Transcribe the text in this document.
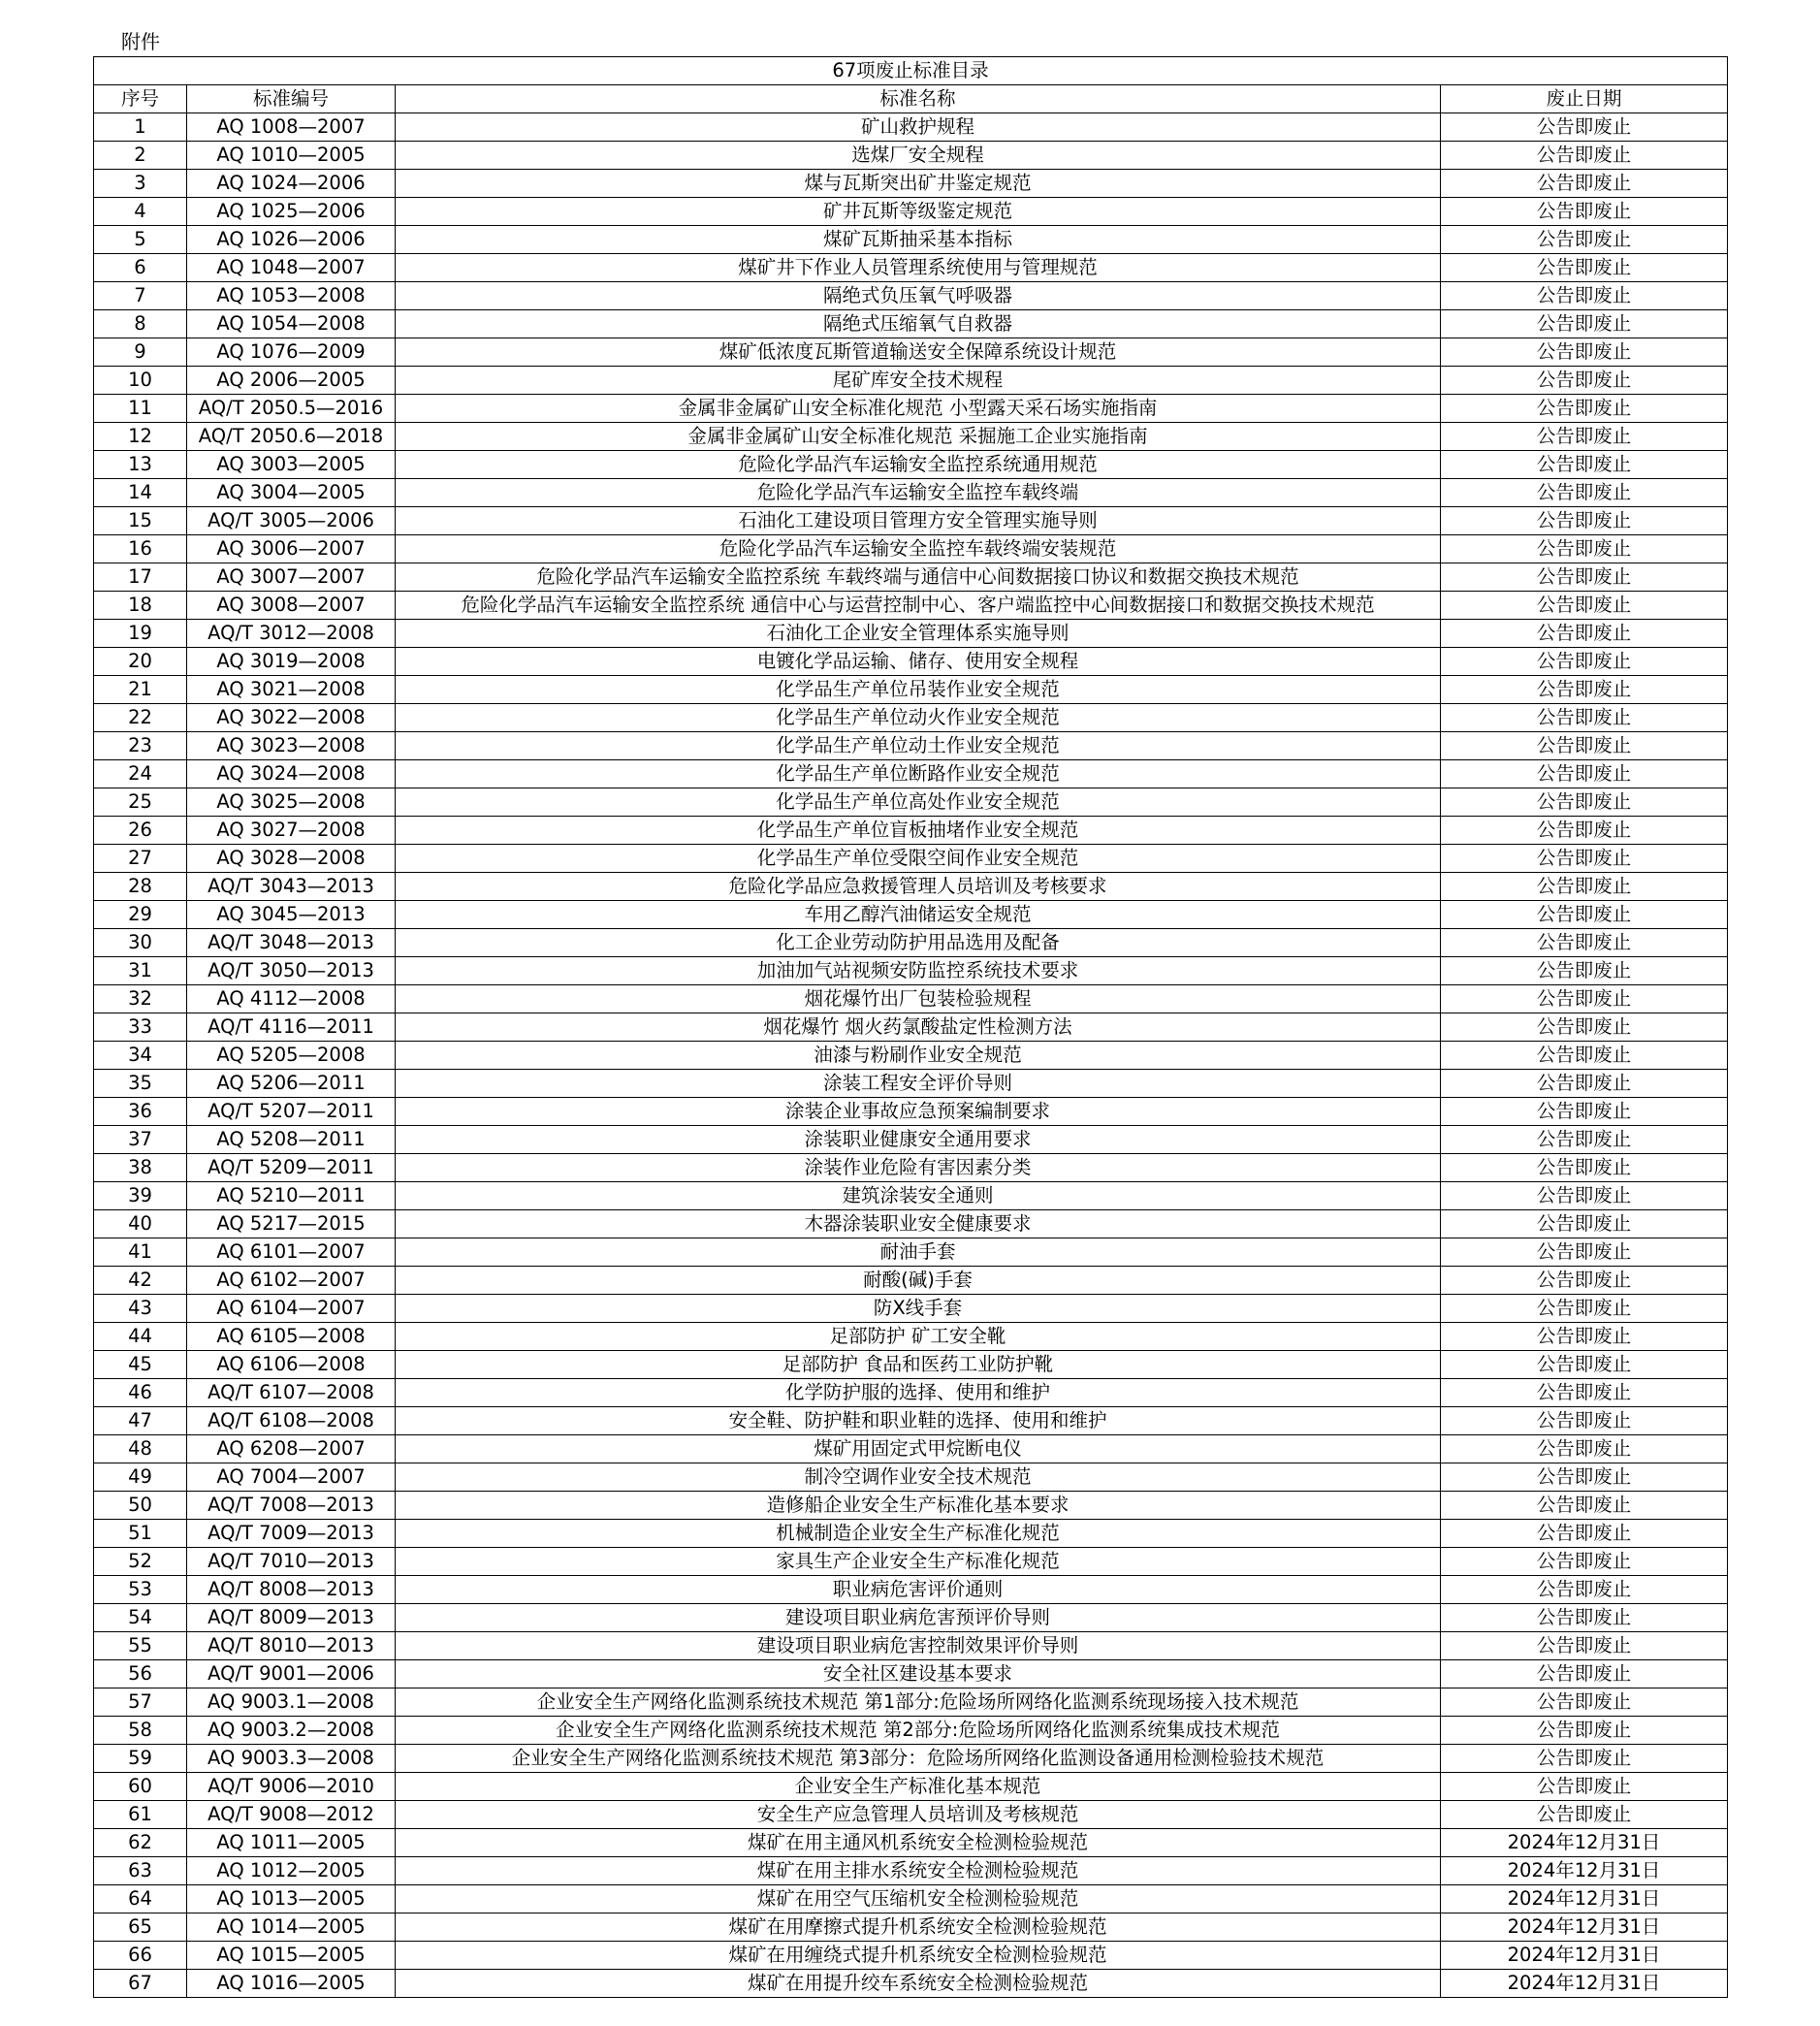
附件
67项废止标准目录			
序号	标准编号	标准名称	废止日期
1	AQ 1008—2007	矿山救护规程	公告即废止
2	AQ 1010—2005	选煤厂安全规程	公告即废止
3	AQ 1024—2006	煤与瓦斯突出矿井鉴定规范	公告即废止
4	AQ 1025—2006	矿井瓦斯等级鉴定规范	公告即废止
5	AQ 1026—2006	煤矿瓦斯抽采基本指标	公告即废止
6	AQ 1048—2007	煤矿井下作业人员管理系统使用与管理规范	公告即废止
7	AQ 1053—2008	隔绝式负压氧气呼吸器	公告即废止
8	AQ 1054—2008	隔绝式压缩氧气自救器	公告即废止
9	AQ 1076—2009	煤矿低浓度瓦斯管道输送安全保障系统设计规范	公告即废止
10	AQ 2006—2005	尾矿库安全技术规程	公告即废止
11	AQ/T 2050.5—2016	金属非金属矿山安全标准化规范 小型露天采石场实施指南	公告即废止
12	AQ/T 2050.6—2018	金属非金属矿山安全标准化规范 采掘施工企业实施指南	公告即废止
13	AQ 3003—2005	危险化学品汽车运输安全监控系统通用规范	公告即废止
14	AQ 3004—2005	危险化学品汽车运输安全监控车载终端	公告即废止
15	AQ/T 3005—2006	石油化工建设项目管理方安全管理实施导则	公告即废止
16	AQ 3006—2007	危险化学品汽车运输安全监控车载终端安装规范	公告即废止
17	AQ 3007—2007	危险化学品汽车运输安全监控系统 车载终端与通信中心间数据接口协议和数据交换技术规范	公告即废止
18	AQ 3008—2007	危险化学品汽车运输安全监控系统 通信中心与运营控制中心、客户端监控中心间数据接口和数据交换技术规范	公告即废止
19	AQ/T 3012—2008	石油化工企业安全管理体系实施导则	公告即废止
20	AQ 3019—2008	电镀化学品运输、储存、使用安全规程	公告即废止
21	AQ 3021—2008	化学品生产单位吊装作业安全规范	公告即废止
22	AQ 3022—2008	化学品生产单位动火作业安全规范	公告即废止
23	AQ 3023—2008	化学品生产单位动土作业安全规范	公告即废止
24	AQ 3024—2008	化学品生产单位断路作业安全规范	公告即废止
25	AQ 3025—2008	化学品生产单位高处作业安全规范	公告即废止
26	AQ 3027—2008	化学品生产单位盲板抽堵作业安全规范	公告即废止
27	AQ 3028—2008	化学品生产单位受限空间作业安全规范	公告即废止
28	AQ/T 3043—2013	危险化学品应急救援管理人员培训及考核要求	公告即废止
29	AQ 3045—2013	车用乙醇汽油储运安全规范	公告即废止
30	AQ/T 3048—2013	化工企业劳动防护用品选用及配备	公告即废止
31	AQ/T 3050—2013	加油加气站视频安防监控系统技术要求	公告即废止
32	AQ 4112—2008	烟花爆竹出厂包装检验规程	公告即废止
33	AQ/T 4116—2011	烟花爆竹 烟火药氯酸盐定性检测方法	公告即废止
34	AQ 5205—2008	油漆与粉刷作业安全规范	公告即废止
35	AQ 5206—2011	涂装工程安全评价导则	公告即废止
36	AQ/T 5207—2011	涂装企业事故应急预案编制要求	公告即废止
37	AQ 5208—2011	涂装职业健康安全通用要求	公告即废止
38	AQ/T 5209—2011	涂装作业危险有害因素分类	公告即废止
39	AQ 5210—2011	建筑涂装安全通则	公告即废止
40	AQ 5217—2015	木器涂装职业安全健康要求	公告即废止
41	AQ 6101—2007	耐油手套	公告即废止
42	AQ 6102—2007	耐酸(碱)手套	公告即废止
43	AQ 6104—2007	防X线手套	公告即废止
44	AQ 6105—2008	足部防护 矿工安全靴	公告即废止
45	AQ 6106—2008	足部防护 食品和医药工业防护靴	公告即废止
46	AQ/T 6107—2008	化学防护服的选择、使用和维护	公告即废止
47	AQ/T 6108—2008	安全鞋、防护鞋和职业鞋的选择、使用和维护	公告即废止
48	AQ 6208—2007	煤矿用固定式甲烷断电仪	公告即废止
49	AQ 7004—2007	制冷空调作业安全技术规范	公告即废止
50	AQ/T 7008—2013	造修船企业安全生产标准化基本要求	公告即废止
51	AQ/T 7009—2013	机械制造企业安全生产标准化规范	公告即废止
52	AQ/T 7010—2013	家具生产企业安全生产标准化规范	公告即废止
53	AQ/T 8008—2013	职业病危害评价通则	公告即废止
54	AQ/T 8009—2013	建设项目职业病危害预评价导则	公告即废止
55	AQ/T 8010—2013	建设项目职业病危害控制效果评价导则	公告即废止
56	AQ/T 9001—2006	安全社区建设基本要求	公告即废止
57	AQ 9003.1—2008	企业安全生产网络化监测系统技术规范 第1部分:危险场所网络化监测系统现场接入技术规范	公告即废止
58	AQ 9003.2—2008	企业安全生产网络化监测系统技术规范 第2部分:危险场所网络化监测系统集成技术规范	公告即废止
59	AQ 9003.3—2008	企业安全生产网络化监测系统技术规范 第3部分：危险场所网络化监测设备通用检测检验技术规范	公告即废止
60	AQ/T 9006—2010	企业安全生产标准化基本规范	公告即废止
61	AQ/T 9008—2012	安全生产应急管理人员培训及考核规范	公告即废止
62	AQ 1011—2005	煤矿在用主通风机系统安全检测检验规范	2024年12月31日
63	AQ 1012—2005	煤矿在用主排水系统安全检测检验规范	2024年12月31日
64	AQ 1013—2005	煤矿在用空气压缩机安全检测检验规范	2024年12月31日
65	AQ 1014—2005	煤矿在用摩擦式提升机系统安全检测检验规范	2024年12月31日
66	AQ 1015—2005	煤矿在用缠绕式提升机系统安全检测检验规范	2024年12月31日
67	AQ 1016—2005	煤矿在用提升绞车系统安全检测检验规范	2024年12月31日
